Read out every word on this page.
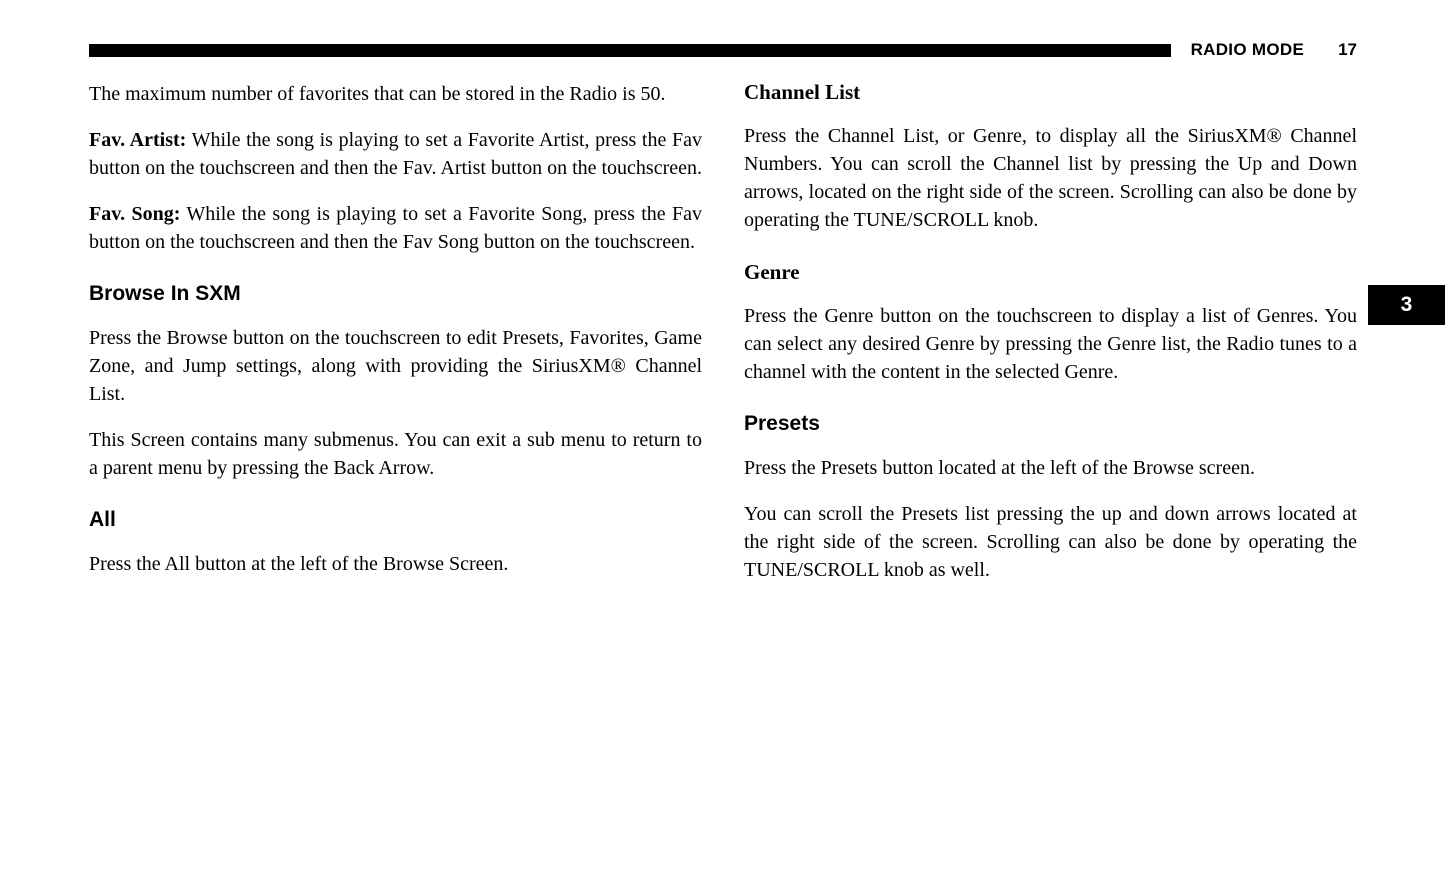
RADIO MODE 17
3

The maximum number of favorites that can be stored in the Radio is 50.

Fav. Artist: While the song is playing to set a Favorite Artist, press the Fav button on the touchscreen and then the Fav. Artist button on the touchscreen.

Fav. Song: While the song is playing to set a Favorite Song, press the Fav button on the touchscreen and then the Fav Song button on the touchscreen.

Browse In SXM

Press the Browse button on the touchscreen to edit Presets, Favorites, Game Zone, and Jump settings, along with providing the SiriusXM® Channel List.

This Screen contains many submenus. You can exit a sub menu to return to a parent menu by pressing the Back Arrow.

All

Press the All button at the left of the Browse Screen.

Channel List

Press the Channel List, or Genre, to display all the SiriusXM® Channel Numbers. You can scroll the Channel list by pressing the Up and Down arrows, located on the right side of the screen. Scrolling can also be done by operating the TUNE/SCROLL knob.

Genre

Press the Genre button on the touchscreen to display a list of Genres. You can select any desired Genre by pressing the Genre list, the Radio tunes to a channel with the content in the selected Genre.

Presets

Press the Presets button located at the left of the Browse screen.

You can scroll the Presets list pressing the up and down arrows located at the right side of the screen. Scrolling can also be done by operating the TUNE/SCROLL knob as well.
